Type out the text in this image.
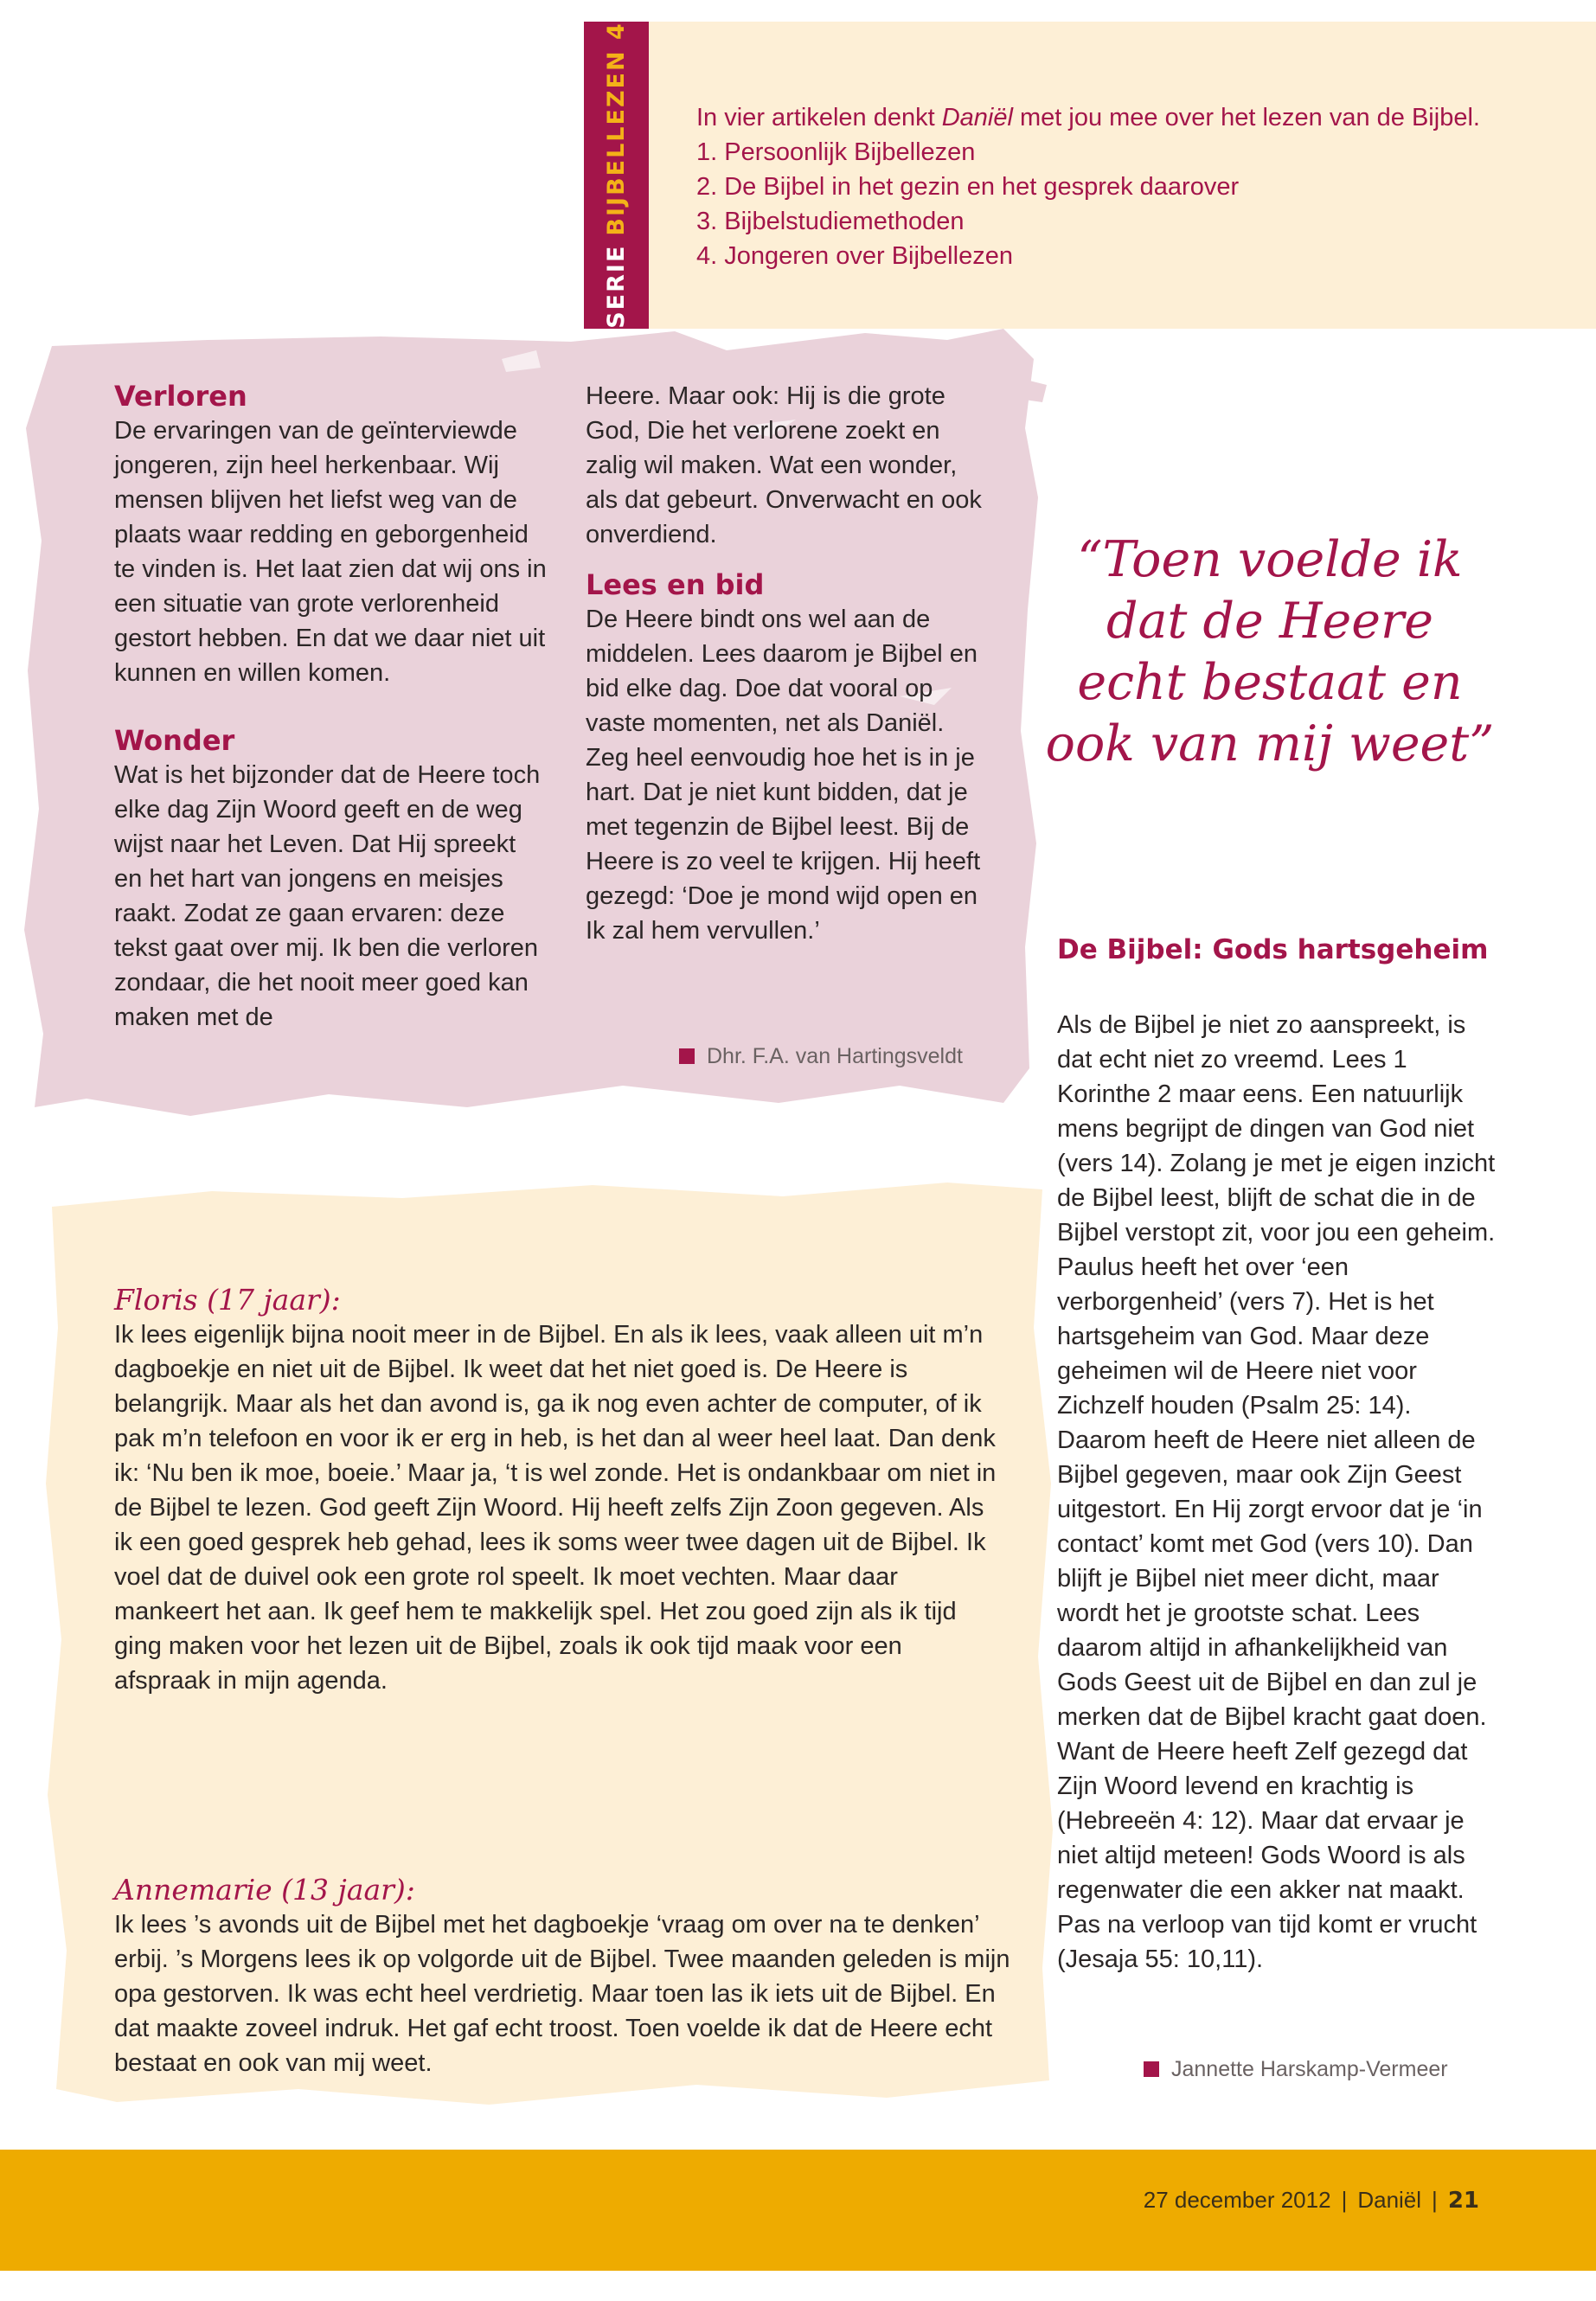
SERIE
BIJBELLEZEN 4	In vier artikelen denkt Daniël met jou mee over het lezen van de Bijbel.
1. Persoonlijk Bijbellezen
2. De Bijbel in het gezin en het gesprek daarover
3. Bijbelstudiemethoden
4. Jongeren over Bijbellezen
Verloren

De ervaringen van de geïnterviewde jongeren, zijn heel herkenbaar. Wij mensen blijven het liefst weg van de plaats waar redding en geborgenheid te vinden is. Het laat zien dat wij ons in een situatie van grote verlorenheid gestort hebben. En dat we daar niet uit kunnen en willen komen.

Wonder

Wat is het bijzonder dat de Heere toch elke dag Zijn Woord geeft en de weg wijst naar het Leven. Dat Hij spreekt en het hart van jongens en meisjes raakt. Zodat ze gaan ervaren: deze tekst gaat over mij. Ik ben die verloren zondaar, die het nooit meer goed kan maken met de

Heere. Maar ook: Hij is die grote God, Die het verlorene zoekt en zalig wil maken. Wat een wonder, als dat gebeurt. Onverwacht en ook onverdiend.

Lees en bid

De Heere bindt ons wel aan de middelen. Lees daarom je Bijbel en bid elke dag. Doe dat vooral op vaste momenten, net als Daniël. Zeg heel eenvoudig hoe het is in je hart. Dat je niet kunt bidden, dat je met tegenzin de Bijbel leest. Bij de Heere is zo veel te krijgen. Hij heeft gezegd: ‘Doe je mond wijd open en Ik zal hem vervullen.’

Dhr. F.A. van Hartingsveldt
“Toen voelde ik dat de Heere echt bestaat en ook van mij weet”
De Bijbel: Gods hartsgeheim
Als de Bijbel je niet zo aanspreekt, is dat echt niet zo vreemd. Lees 1 Korinthe 2 maar eens. Een natuurlijk mens begrijpt de dingen van God niet (vers 14). Zolang je met je eigen inzicht de Bijbel leest, blijft de schat die in de Bijbel verstopt zit, voor jou een geheim. Paulus heeft het over ‘een verborgenheid’ (vers 7). Het is het hartsgeheim van God. Maar deze geheimen wil de Heere niet voor Zichzelf houden (Psalm 25: 14). Daarom heeft de Heere niet alleen de Bijbel gegeven, maar ook Zijn Geest uitgestort. En Hij zorgt ervoor dat je ‘in contact’ komt met God (vers 10). Dan blijft je Bijbel niet meer dicht, maar wordt het je grootste schat. Lees daarom altijd in afhankelijkheid van Gods Geest uit de Bijbel en dan zul je merken dat de Bijbel kracht gaat doen. Want de Heere heeft Zelf gezegd dat Zijn Woord levend en krachtig is (Hebreeën 4: 12). Maar dat ervaar je niet altijd meteen! Gods Woord is als regenwater die een akker nat maakt. Pas na verloop van tijd komt er vrucht (Jesaja 55: 10,11).
Jannette Harskamp-Vermeer
Floris (17 jaar):

Ik lees eigenlijk bijna nooit meer in de Bijbel. En als ik lees, vaak alleen uit m’n dagboekje en niet uit de Bijbel. Ik weet dat het niet goed is. De Heere is belangrijk. Maar als het dan avond is, ga ik nog even achter de computer, of ik pak m’n telefoon en voor ik er erg in heb, is het dan al weer heel laat. Dan denk ik: ‘Nu ben ik moe, boeie.’ Maar ja, ‘t is wel zonde. Het is ondankbaar om niet in de Bijbel te lezen. God geeft Zijn Woord. Hij heeft zelfs Zijn Zoon gegeven. Als ik een goed gesprek heb gehad, lees ik soms weer twee dagen uit de Bijbel. Ik voel dat de duivel ook een grote rol speelt. Ik moet vechten. Maar daar mankeert het aan. Ik geef hem te makkelijk spel. Het zou goed zijn als ik tijd ging maken voor het lezen uit de Bijbel, zoals ik ook tijd maak voor een afspraak in mijn agenda.

Annemarie (13 jaar):

Ik lees ’s avonds uit de Bijbel met het dagboekje ‘vraag om over na te denken’ erbij. ’s Morgens lees ik op volgorde uit de Bijbel. Twee maanden geleden is mijn opa gestorven. Ik was echt heel verdrietig. Maar toen las ik iets uit de Bijbel. En dat maakte zoveel indruk. Het gaf echt troost. Toen voelde ik dat de Heere echt bestaat en ook van mij weet.

27 december 2012 | Daniël | 21
